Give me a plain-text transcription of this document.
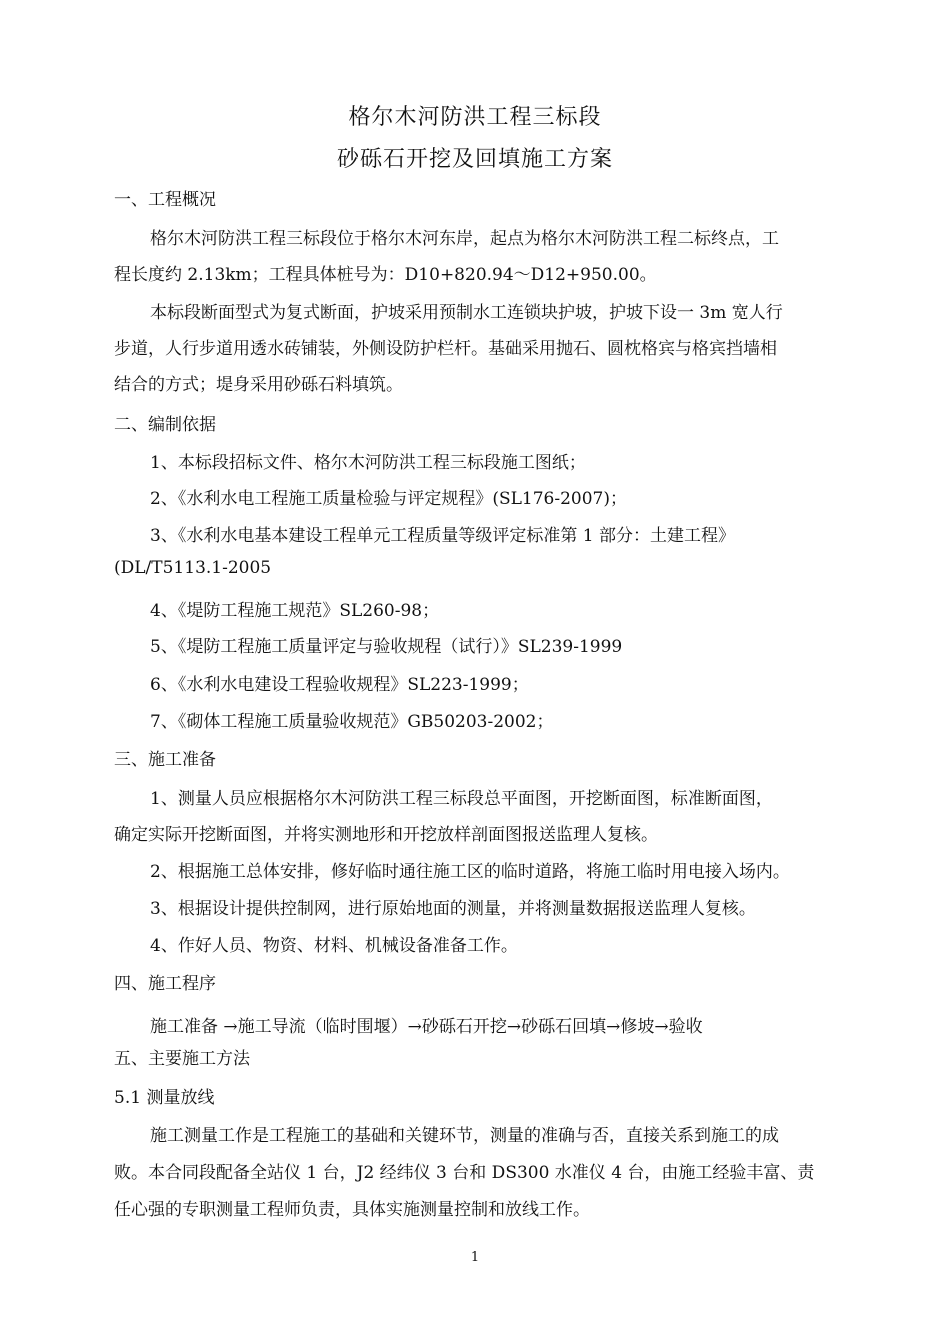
格尔木河防洪工程三标段
砂砾石开挖及回填施工方案
一、工程概况
格尔木河防洪工程三标段位于格尔木河东岸，起点为格尔木河防洪工程二标终点，工
程长度约 2.13km；工程具体桩号为：D10+820.94～D12+950.00。
本标段断面型式为复式断面，护坡采用预制水工连锁块护坡，护坡下设一 3m 宽人行
步道，人行步道用透水砖铺装，外侧设防护栏杆。基础采用抛石、圆枕格宾与格宾挡墙相
结合的方式；堤身采用砂砾石料填筑。
二、编制依据
1、本标段招标文件、格尔木河防洪工程三标段施工图纸；
2、《水利水电工程施工质量检验与评定规程》(SL176-2007)；
3、《水利水电基本建设工程单元工程质量等级评定标准第 1 部分：土建工程》
(DL/T5113.1-2005
4、《堤防工程施工规范》SL260-98；
5、《堤防工程施工质量评定与验收规程（试行）》SL239-1999
6、《水利水电建设工程验收规程》SL223-1999；
7、《砌体工程施工质量验收规范》GB50203-2002；
三、施工准备
1、测量人员应根据格尔木河防洪工程三标段总平面图，开挖断面图，标准断面图，
确定实际开挖断面图，并将实测地形和开挖放样剖面图报送监理人复核。
2、根据施工总体安排，修好临时通往施工区的临时道路，将施工临时用电接入场内。
3、根据设计提供控制网，进行原始地面的测量，并将测量数据报送监理人复核。
4、作好人员、物资、材料、机械设备准备工作。
四、施工程序
施工准备 →施工导流（临时围堰）→砂砾石开挖→砂砾石回填→修坡→验收
五、主要施工方法
5.1 测量放线
施工测量工作是工程施工的基础和关键环节，测量的准确与否，直接关系到施工的成
败。本合同段配备全站仪 1 台，J2 经纬仪 3 台和 DS300 水准仪 4 台，由施工经验丰富、责
任心强的专职测量工程师负责，具体实施测量控制和放线工作。
1
